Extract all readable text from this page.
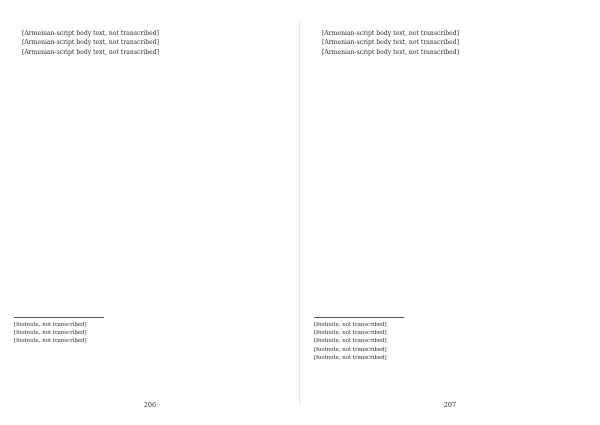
[Armenian-script body text, not transcribed]

[Armenian-script body text, not transcribed]

[Armenian-script body text, not transcribed]

[footnote, not transcribed]
[footnote, not transcribed]
[footnote, not transcribed]
206

[Armenian-script body text, not transcribed]

[Armenian-script body text, not transcribed]

[Armenian-script body text, not transcribed]

[footnote, not transcribed]
[footnote, not transcribed]
[footnote, not transcribed]
[footnote, not transcribed]
[footnote, not transcribed]
207
